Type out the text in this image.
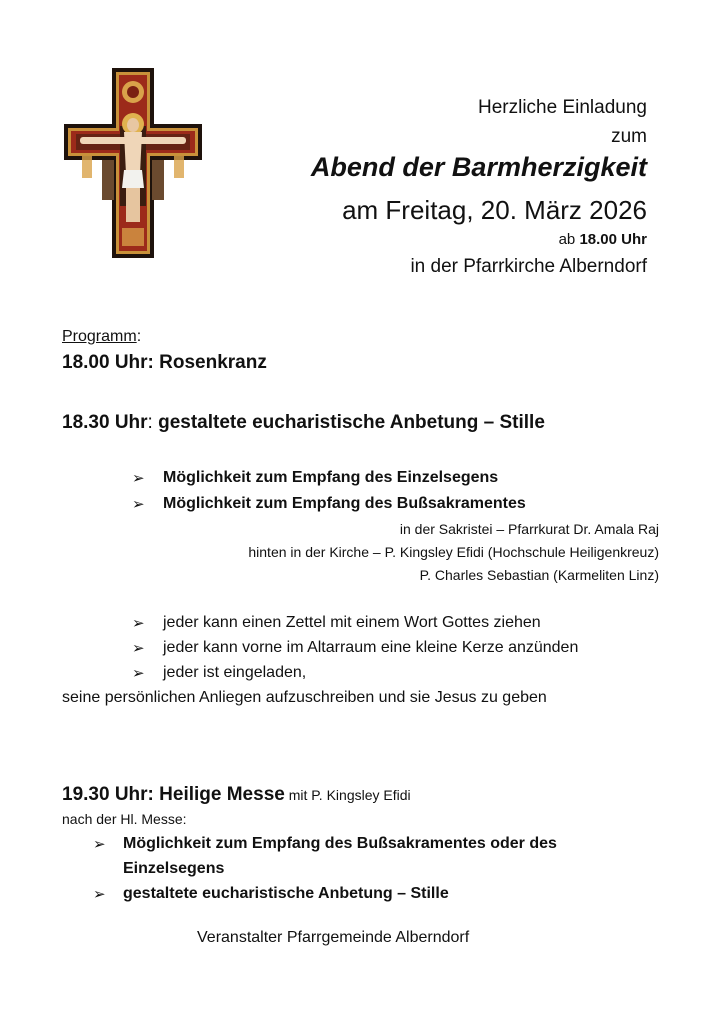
Herzliche Einladung
zum
Abend der Barmherzigkeit
am Freitag, 20. März 2026
ab 18.00 Uhr
in der Pfarrkirche Alberndorf
Programm:
18.00 Uhr: Rosenkranz
18.30 Uhr: gestaltete eucharistische Anbetung – Stille
➢ Möglichkeit zum Empfang des Einzelsegens
➢ Möglichkeit zum Empfang des Bußsakramentes
in der Sakristei – Pfarrkurat Dr. Amala Raj
hinten in der Kirche – P. Kingsley Efidi (Hochschule Heiligenkreuz)
P. Charles Sebastian (Karmeliten Linz)
➢ jeder kann einen Zettel mit einem Wort Gottes ziehen
➢ jeder kann vorne im Altarraum eine kleine Kerze anzünden
➢ jeder ist eingeladen,
seine persönlichen Anliegen aufzuschreiben und sie Jesus zu geben
19.30 Uhr: Heilige Messe mit P. Kingsley Efidi
nach der Hl. Messe:
➢ Möglichkeit zum Empfang des Bußsakramentes oder des
Einzelsegens
➢ gestaltete eucharistische Anbetung – Stille
Veranstalter Pfarrgemeinde Alberndorf
